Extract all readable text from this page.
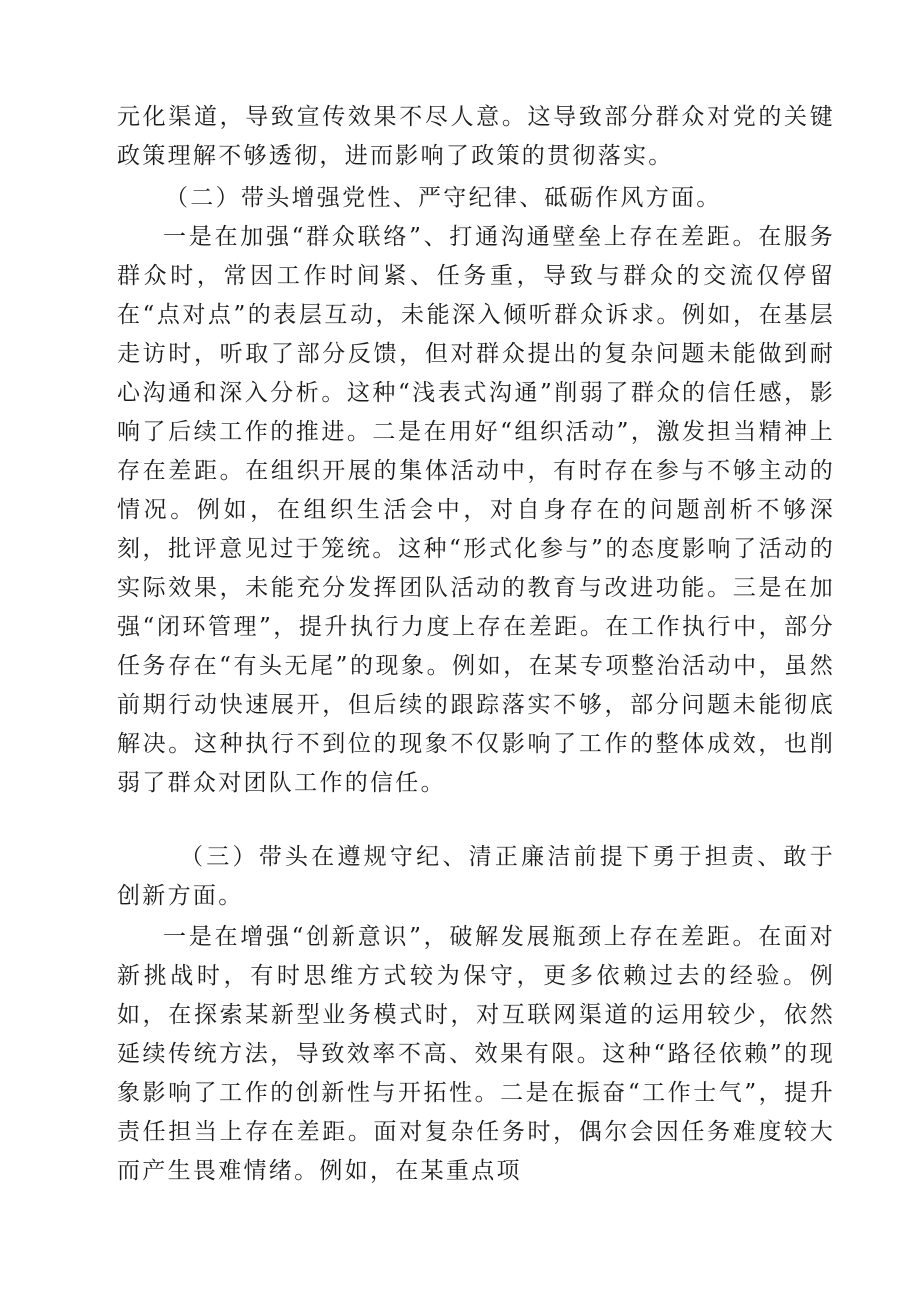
元化渠道，导致宣传效果不尽人意。这导致部分群众对党的关键政策理解不够透彻，进而影响了政策的贯彻落实。

（二）带头增强党性、严守纪律、砥砺作风方面。

一是在加强“群众联络”、打通沟通壁垒上存在差距。在服务群众时，常因工作时间紧、任务重，导致与群众的交流仅停留在“点对点”的表层互动，未能深入倾听群众诉求。例如，在基层走访时，听取了部分反馈，但对群众提出的复杂问题未能做到耐心沟通和深入分析。这种“浅表式沟通”削弱了群众的信任感，影响了后续工作的推进。二是在用好“组织活动”，激发担当精神上存在差距。在组织开展的集体活动中，有时存在参与不够主动的情况。例如，在组织生活会中，对自身存在的问题剖析不够深刻，批评意见过于笼统。这种“形式化参与”的态度影响了活动的实际效果，未能充分发挥团队活动的教育与改进功能。三是在加强“闭环管理”，提升执行力度上存在差距。在工作执行中，部分任务存在“有头无尾”的现象。例如，在某专项整治活动中，虽然前期行动快速展开，但后续的跟踪落实不够，部分问题未能彻底解决。这种执行不到位的现象不仅影响了工作的整体成效，也削弱了群众对团队工作的信任。

（三）带头在遵规守纪、清正廉洁前提下勇于担责、敢于创新方面。

一是在增强“创新意识”，破解发展瓶颈上存在差距。在面对新挑战时，有时思维方式较为保守，更多依赖过去的经验。例如，在探索某新型业务模式时，对互联网渠道的运用较少，依然延续传统方法，导致效率不高、效果有限。这种“路径依赖”的现象影响了工作的创新性与开拓性。二是在振奋“工作士气”，提升责任担当上存在差距。面对复杂任务时，偶尔会因任务难度较大而产生畏难情绪。例如，在某重点项
